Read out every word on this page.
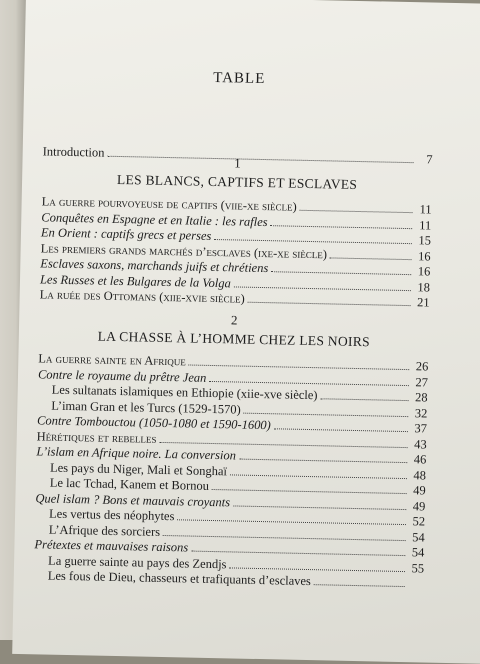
TABLE
Introduction	7
1
LES BLANCS, CAPTIFS ET ESCLAVES
La guerre pourvoyeuse de captifs (viie-xe siècle)	11
Conquêtes en Espagne et en Italie : les rafles	11
En Orient : captifs grecs et perses	15
Les premiers grands marchés d’esclaves (ixe-xe siècle)	16
Esclaves saxons, marchands juifs et chrétiens	16
Les Russes et les Bulgares de la Volga	18
La ruée des Ottomans (xiie-xvie siècle)	21
2
LA CHASSE À L’HOMME CHEZ LES NOIRS
La guerre sainte en Afrique	26
Contre le royaume du prêtre Jean	27
Les sultanats islamiques en Ethiopie (xiie-xve siècle)	28
L’iman Gran et les Turcs (1529-1570)	32
Contre Tombouctou (1050-1080 et 1590-1600)	37
Hérétiques et rebelles	43
L’islam en Afrique noire. La conversion	46
Les pays du Niger, Mali et Songhaï	48
Le lac Tchad, Kanem et Bornou	49
Quel islam ? Bons et mauvais croyants	49
Les vertus des néophytes	52
L’Afrique des sorciers	54
Prétextes et mauvaises raisons	54
La guerre sainte au pays des Zendjs	55
Les fous de Dieu, chasseurs et trafiquants d’esclaves
